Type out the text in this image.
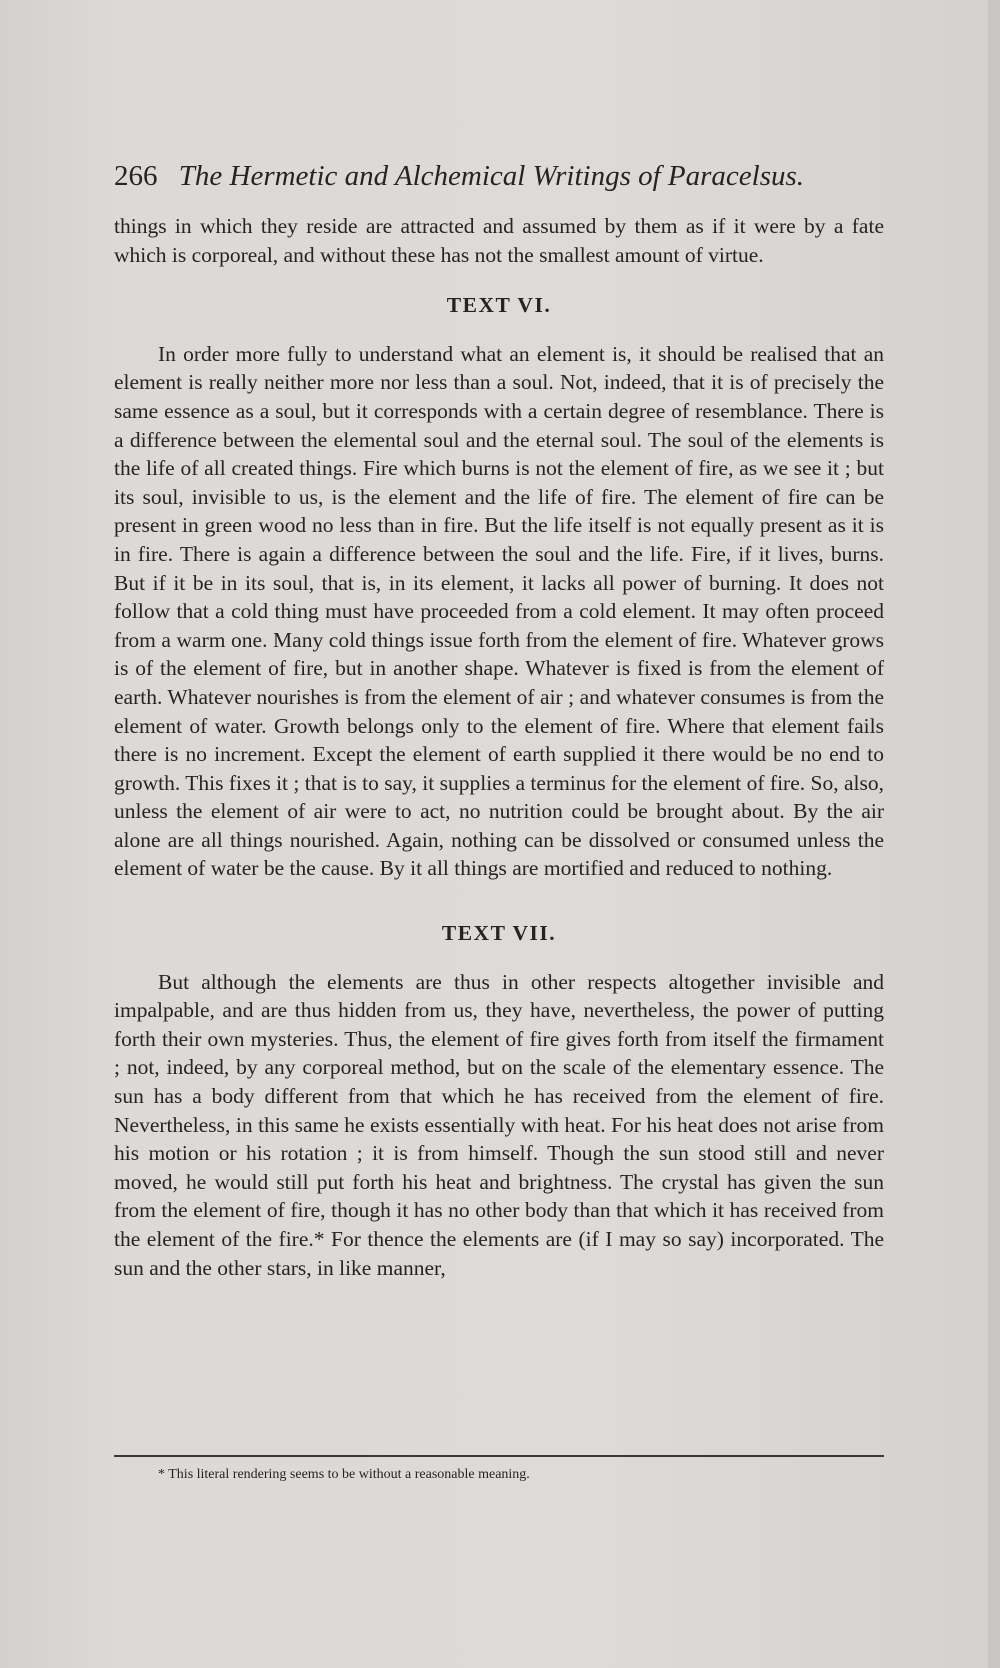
266 The Hermetic and Alchemical Writings of Paracelsus.

things in which they reside are attracted and assumed by them as if it were by a fate which is corporeal, and without these has not the smallest amount of virtue.

TEXT VI.

In order more fully to understand what an element is, it should be realised that an element is really neither more nor less than a soul. Not, indeed, that it is of precisely the same essence as a soul, but it corresponds with a certain degree of resemblance. There is a difference between the elemental soul and the eternal soul. The soul of the elements is the life of all created things. Fire which burns is not the element of fire, as we see it ; but its soul, invisible to us, is the element and the life of fire. The element of fire can be present in green wood no less than in fire. But the life itself is not equally present as it is in fire. There is again a difference between the soul and the life. Fire, if it lives, burns. But if it be in its soul, that is, in its element, it lacks all power of burning. It does not follow that a cold thing must have proceeded from a cold element. It may often proceed from a warm one. Many cold things issue forth from the element of fire. Whatever grows is of the element of fire, but in another shape. Whatever is fixed is from the element of earth. Whatever nourishes is from the element of air ; and whatever consumes is from the element of water. Growth belongs only to the element of fire. Where that element fails there is no increment. Except the element of earth supplied it there would be no end to growth. This fixes it ; that is to say, it supplies a terminus for the element of fire. So, also, unless the element of air were to act, no nutrition could be brought about. By the air alone are all things nourished. Again, nothing can be dissolved or consumed unless the element of water be the cause. By it all things are mortified and reduced to nothing.

TEXT VII.

But although the elements are thus in other respects altogether invisible and impalpable, and are thus hidden from us, they have, nevertheless, the power of putting forth their own mysteries. Thus, the element of fire gives forth from itself the firmament ; not, indeed, by any corporeal method, but on the scale of the elementary essence. The sun has a body different from that which he has received from the element of fire. Nevertheless, in this same he exists essentially with heat. For his heat does not arise from his motion or his rotation ; it is from himself. Though the sun stood still and never moved, he would still put forth his heat and brightness. The crystal has given the sun from the element of fire, though it has no other body than that which it has received from the element of the fire.* For thence the elements are (if I may so say) incorporated. The sun and the other stars, in like manner,

* This literal rendering seems to be without a reasonable meaning.
